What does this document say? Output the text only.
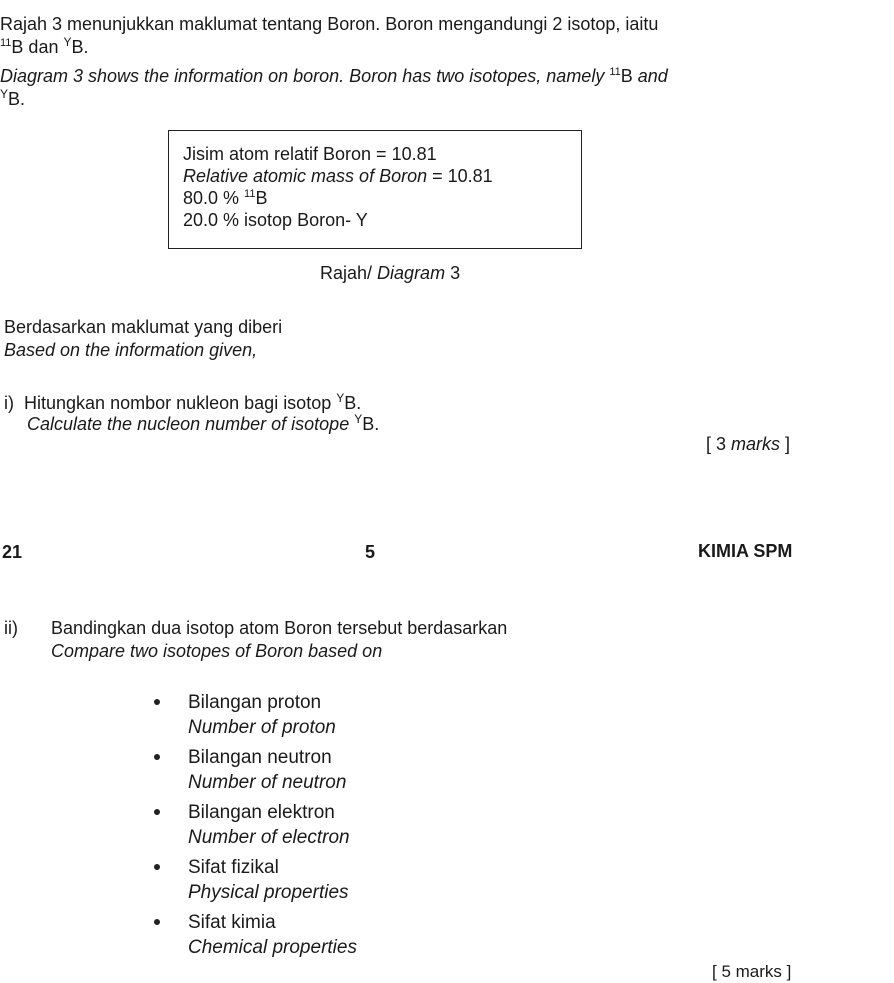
Rajah 3 menunjukkan maklumat tentang Boron. Boron mengandungi 2 isotop, iaitu
$^{11}$B dan $^Y$B.
Diagram 3 shows the information on boron. Boron has two isotopes, namely $^{11}$B and
$^Y$B.
Jisim atom relatif Boron = 10.81
Relative atomic mass of Boron = 10.81
80.0 % $^{11}$B
20.0 % isotop Boron- Y
Rajah/ Diagram 3
Berdasarkan maklumat yang diberi
Based on the information given,
i) Hitungkan nombor nukleon bagi isotop $^Y$B.
Calculate the nucleon number of isotope $^Y$B.
[ 3 marks ]
21	5	KIMIA SPM
ii) Bandingkan dua isotop atom Boron tersebut berdasarkan
Compare two isotopes of Boron based on
Bilangan proton
Number of proton
Bilangan neutron
Number of neutron
Bilangan elektron
Number of electron
Sifat fizikal
Physical properties
Sifat kimia
Chemical properties
[ 5 marks ]
